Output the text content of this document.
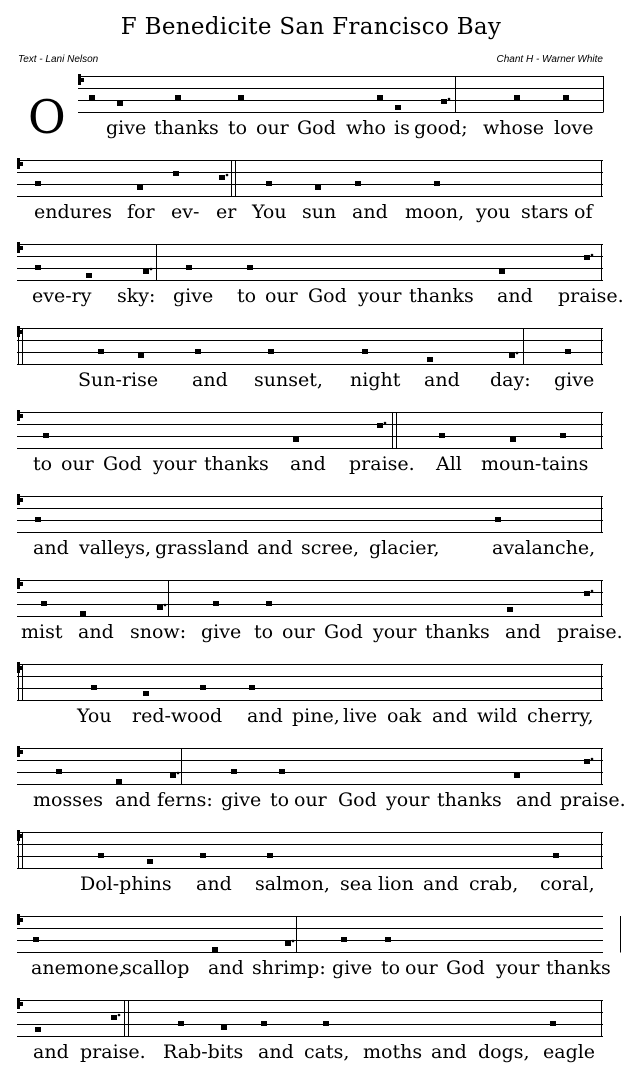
F Benedicite San Francisco Bay
Text - Lani Nelson	Chant H - Warner White
O give thanks to our God who is good; whose love
endures for ev- er You sun and moon, you stars of
eve-ry sky: give to our God your thanks and praise.
Sun-rise and sunset, night and day: give
to our God your thanks and praise. All moun-tains
and valleys, grassland and scree, glacier,	avalanche,
mist and snow: give to our God your thanks and praise.
You red-wood and pine, live oak and wild cherry,
mosses and ferns: give to our God your thanks and praise.
Dol-phins and salmon, sea lion and crab, coral,
anemone,
scallop and shrimp: give to our God your thanks
and praise. Rab-bits and cats, moths and dogs, eagle
